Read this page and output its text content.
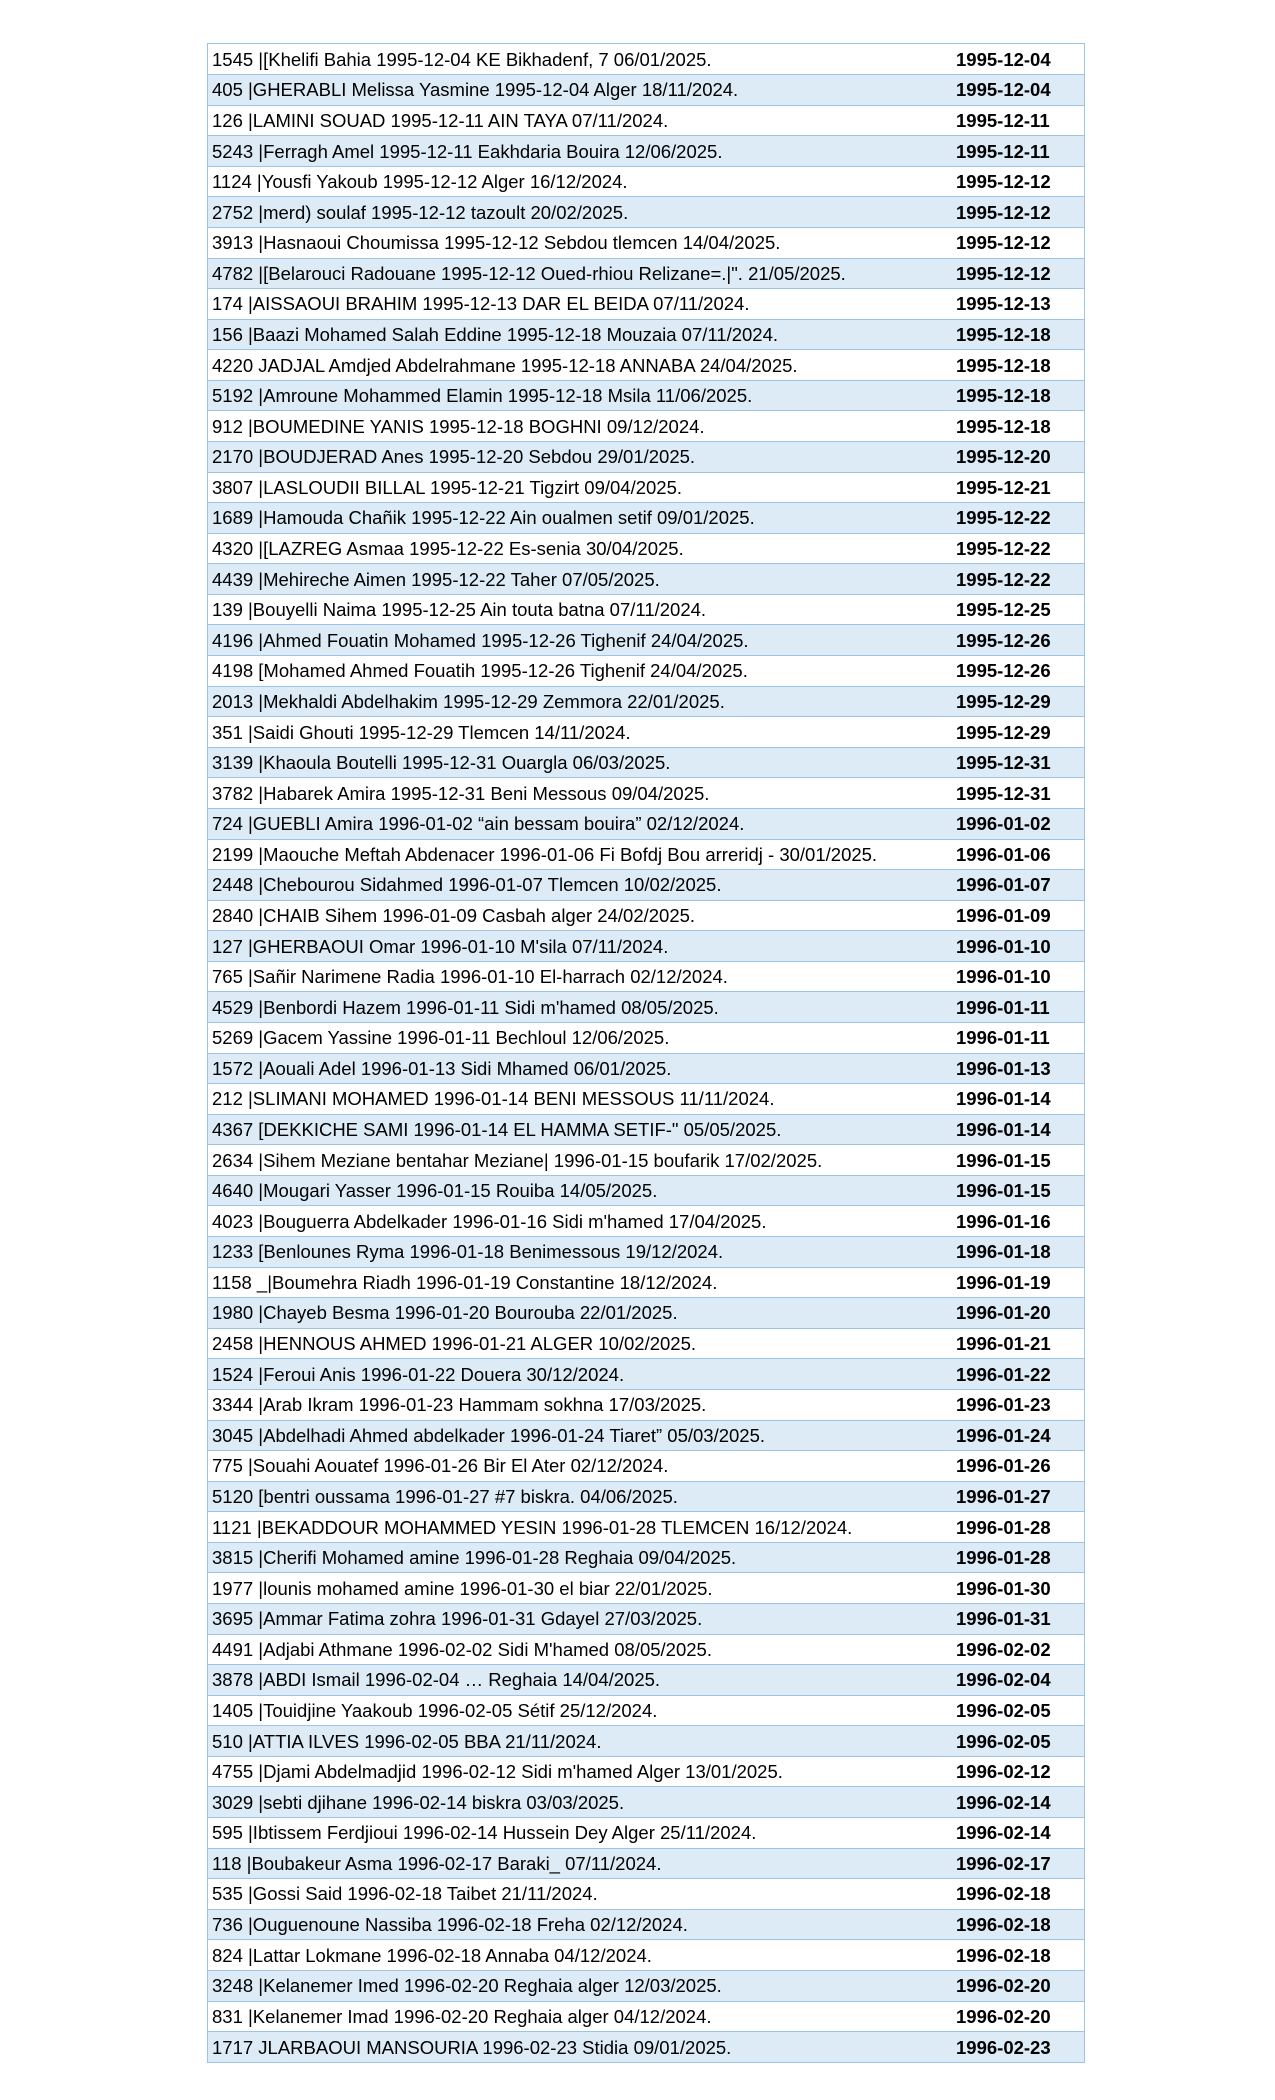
1545 |[Khelifi Bahia 1995-12-04 KE Bikhadenf, 7 06/01/2025.	1995-12-04
405 |GHERABLI Melissa Yasmine 1995-12-04 Alger 18/11/2024.	1995-12-04
126 |LAMINI SOUAD 1995-12-11 AIN TAYA 07/11/2024.	1995-12-11
5243 |Ferragh Amel 1995-12-11 Eakhdaria Bouira 12/06/2025.	1995-12-11
1124 |Yousfi Yakoub 1995-12-12 Alger 16/12/2024.	1995-12-12
2752 |merd) soulaf 1995-12-12 tazoult 20/02/2025.	1995-12-12
3913 |Hasnaoui Choumissa 1995-12-12 Sebdou tlemcen 14/04/2025.	1995-12-12
4782 |[Belarouci Radouane 1995-12-12 Oued-rhiou Relizane=.|". 21/05/2025.	1995-12-12
174 |AISSAOUI BRAHIM 1995-12-13 DAR EL BEIDA 07/11/2024.	1995-12-13
156 |Baazi Mohamed Salah Eddine 1995-12-18 Mouzaia 07/11/2024.	1995-12-18
4220 JADJAL Amdjed Abdelrahmane 1995-12-18 ANNABA 24/04/2025.	1995-12-18
5192 |Amroune Mohammed Elamin 1995-12-18 Msila 11/06/2025.	1995-12-18
912 |BOUMEDINE YANIS 1995-12-18 BOGHNI 09/12/2024.	1995-12-18
2170 |BOUDJERAD Anes 1995-12-20 Sebdou 29/01/2025.	1995-12-20
3807 |LASLOUDII BILLAL 1995-12-21 Tigzirt 09/04/2025.	1995-12-21
1689 |Hamouda Chañik 1995-12-22 Ain oualmen setif 09/01/2025.	1995-12-22
4320 |[LAZREG Asmaa 1995-12-22 Es-senia 30/04/2025.	1995-12-22
4439 |Mehireche Aimen 1995-12-22 Taher 07/05/2025.	1995-12-22
139 |Bouyelli Naima 1995-12-25 Ain touta batna 07/11/2024.	1995-12-25
4196 |Ahmed Fouatin Mohamed 1995-12-26 Tighenif 24/04/2025.	1995-12-26
4198 [Mohamed Ahmed Fouatih 1995-12-26 Tighenif 24/04/2025.	1995-12-26
2013 |Mekhaldi Abdelhakim 1995-12-29 Zemmora 22/01/2025.	1995-12-29
351 |Saidi Ghouti 1995-12-29 Tlemcen 14/11/2024.	1995-12-29
3139 |Khaoula Boutelli 1995-12-31 Ouargla 06/03/2025.	1995-12-31
3782 |Habarek Amira 1995-12-31 Beni Messous 09/04/2025.	1995-12-31
724 |GUEBLI Amira 1996-01-02 “ain bessam bouira” 02/12/2024.	1996-01-02
2199 |Maouche Meftah Abdenacer 1996-01-06 Fi Bofdj Bou arreridj - 30/01/2025.	1996-01-06
2448 |Chebourou Sidahmed 1996-01-07 Tlemcen 10/02/2025.	1996-01-07
2840 |CHAIB Sihem 1996-01-09 Casbah alger 24/02/2025.	1996-01-09
127 |GHERBAOUI Omar 1996-01-10 M'sila 07/11/2024.	1996-01-10
765 |Sañir Narimene Radia 1996-01-10 El-harrach 02/12/2024.	1996-01-10
4529 |Benbordi Hazem 1996-01-11 Sidi m'hamed 08/05/2025.	1996-01-11
5269 |Gacem Yassine 1996-01-11 Bechloul 12/06/2025.	1996-01-11
1572 |Aouali Adel 1996-01-13 Sidi Mhamed 06/01/2025.	1996-01-13
212 |SLIMANI MOHAMED 1996-01-14 BENI MESSOUS 11/11/2024.	1996-01-14
4367 [DEKKICHE SAMI 1996-01-14 EL HAMMA SETIF-" 05/05/2025.	1996-01-14
2634 |Sihem Meziane bentahar Meziane| 1996-01-15 boufarik 17/02/2025.	1996-01-15
4640 |Mougari Yasser 1996-01-15 Rouiba 14/05/2025.	1996-01-15
4023 |Bouguerra Abdelkader 1996-01-16 Sidi m'hamed 17/04/2025.	1996-01-16
1233 [Benlounes Ryma 1996-01-18 Benimessous 19/12/2024.	1996-01-18
1158 _|Boumehra Riadh 1996-01-19 Constantine 18/12/2024.	1996-01-19
1980 |Chayeb Besma 1996-01-20 Bourouba 22/01/2025.	1996-01-20
2458 |HENNOUS AHMED 1996-01-21 ALGER 10/02/2025.	1996-01-21
1524 |Feroui Anis 1996-01-22 Douera 30/12/2024.	1996-01-22
3344 |Arab Ikram 1996-01-23 Hammam sokhna 17/03/2025.	1996-01-23
3045 |Abdelhadi Ahmed abdelkader 1996-01-24 Tiaret” 05/03/2025.	1996-01-24
775 |Souahi Aouatef 1996-01-26 Bir El Ater 02/12/2024.	1996-01-26
5120 [bentri oussama 1996-01-27 #7 biskra. 04/06/2025.	1996-01-27
1121 |BEKADDOUR MOHAMMED YESIN 1996-01-28 TLEMCEN 16/12/2024.	1996-01-28
3815 |Cherifi Mohamed amine 1996-01-28 Reghaia 09/04/2025.	1996-01-28
1977 |lounis mohamed amine 1996-01-30 el biar 22/01/2025.	1996-01-30
3695 |Ammar Fatima zohra 1996-01-31 Gdayel 27/03/2025.	1996-01-31
4491 |Adjabi Athmane 1996-02-02 Sidi M'hamed 08/05/2025.	1996-02-02
3878 |ABDI Ismail 1996-02-04 … Reghaia 14/04/2025.	1996-02-04
1405 |Touidjine Yaakoub 1996-02-05 Sétif 25/12/2024.	1996-02-05
510 |ATTIA ILVES 1996-02-05 BBA 21/11/2024.	1996-02-05
4755 |Djami Abdelmadjid 1996-02-12 Sidi m'hamed Alger 13/01/2025.	1996-02-12
3029 |sebti djihane 1996-02-14 biskra 03/03/2025.	1996-02-14
595 |Ibtissem Ferdjioui 1996-02-14 Hussein Dey Alger 25/11/2024.	1996-02-14
118 |Boubakeur Asma 1996-02-17 Baraki_ 07/11/2024.	1996-02-17
535 |Gossi Said 1996-02-18 Taibet 21/11/2024.	1996-02-18
736 |Ouguenoune Nassiba 1996-02-18 Freha 02/12/2024.	1996-02-18
824 |Lattar Lokmane 1996-02-18 Annaba 04/12/2024.	1996-02-18
3248 |Kelanemer Imed 1996-02-20 Reghaia alger 12/03/2025.	1996-02-20
831 |Kelanemer Imad 1996-02-20 Reghaia alger 04/12/2024.	1996-02-20
1717 JLARBAOUI MANSOURIA 1996-02-23 Stidia 09/01/2025.	1996-02-23
